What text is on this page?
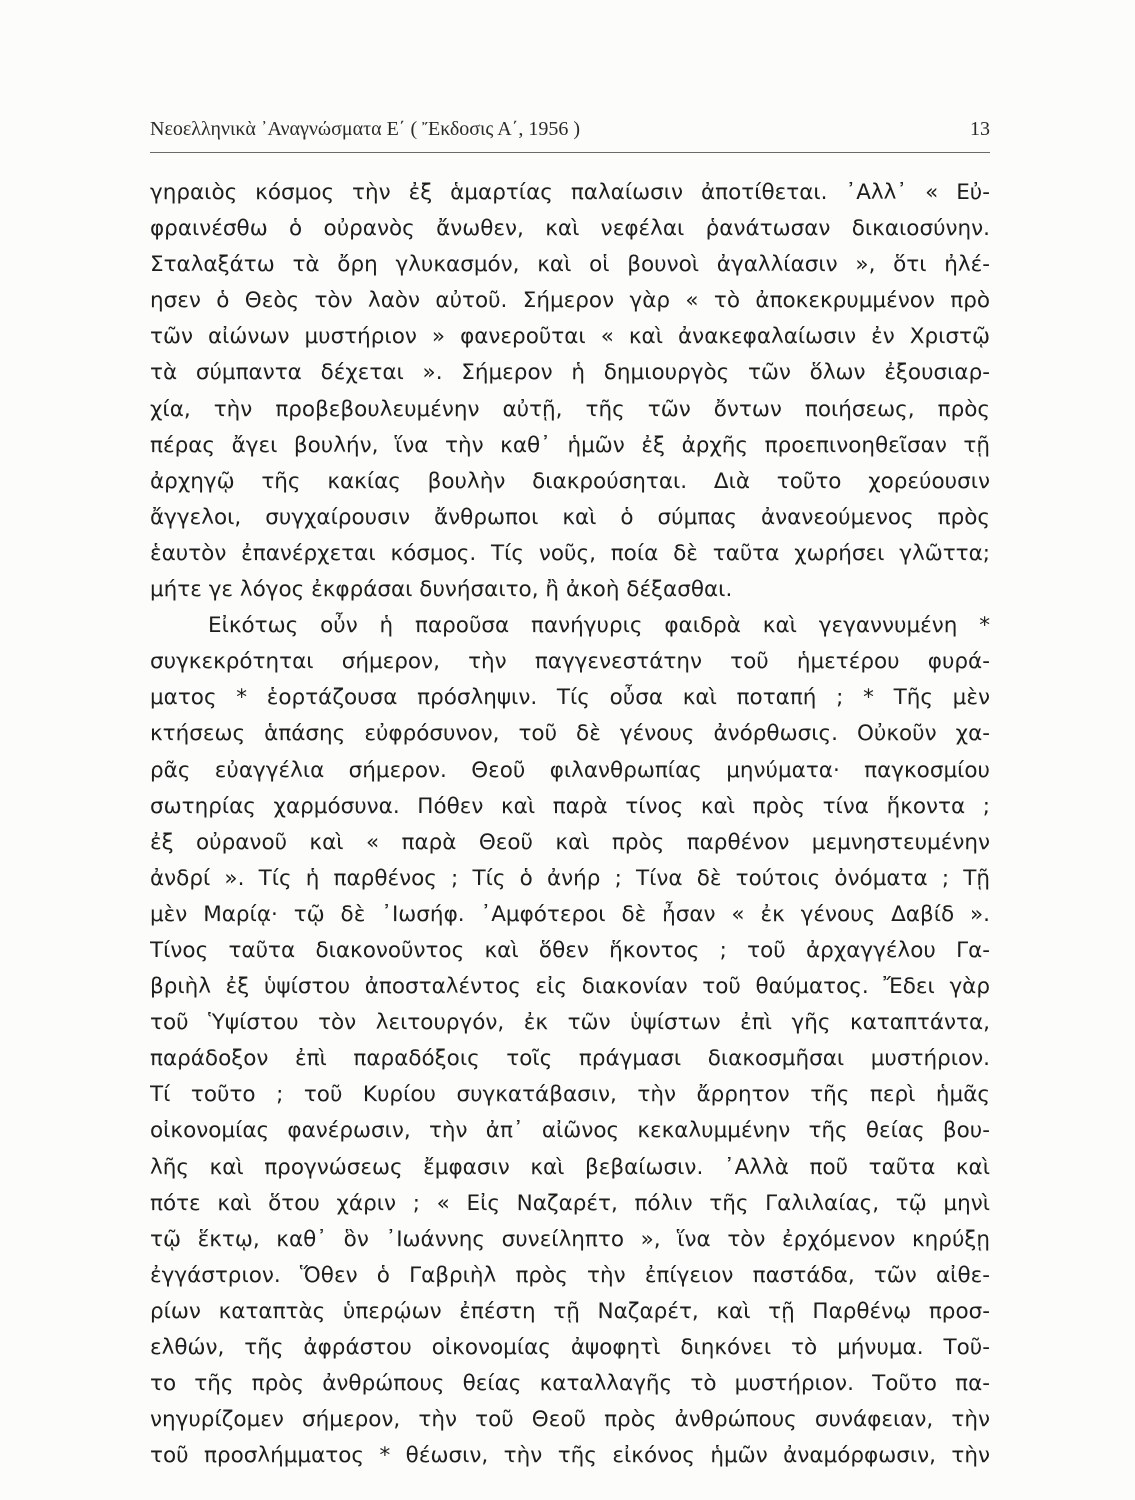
Νεοελληνικὰ ᾿Αναγνώσματα Ε΄ ( Ἔκδοσις Α΄, 1956 )	13
γηραιὸς κόσμος τὴν ἐξ ἁμαρτίας παλαίωσιν ἀποτίθεται. ᾿Αλλ᾿ « Εὐ-
φραινέσθω ὁ οὐρανὸς ἄνωθεν, καὶ νεφέλαι ῥανάτωσαν δικαιοσύνην.
Σταλαξάτω τὰ ὄρη γλυκασμόν, καὶ οἱ βουνοὶ ἀγαλλίασιν », ὅτι ἠλέ-
ησεν ὁ Θεὸς τὸν λαὸν αὐτοῦ. Σήμερον γὰρ « τὸ ἀποκεκρυμμένον πρὸ
τῶν αἰώνων μυστήριον » φανεροῦται « καὶ ἀνακεφαλαίωσιν ἐν Χριστῷ
τὰ σύμπαντα δέχεται ». Σήμερον ἡ δημιουργὸς τῶν ὅλων ἐξουσιαρ-
χία, τὴν προβεβουλευμένην αὐτῇ, τῆς τῶν ὄντων ποιήσεως, πρὸς
πέρας ἄγει βουλήν, ἵνα τὴν καθ᾿ ἡμῶν ἐξ ἀρχῆς προεπινοηθεῖσαν τῇ
ἀρχηγῷ τῆς κακίας βουλὴν διακρούσηται. Διὰ τοῦτο χορεύουσιν
ἄγγελοι, συγχαίρουσιν ἄνθρωποι καὶ ὁ σύμπας ἀνανεούμενος πρὸς
ἑαυτὸν ἐπανέρχεται κόσμος. Τίς νοῦς, ποία δὲ ταῦτα χωρήσει γλῶττα;
μήτε γε λόγος ἐκφράσαι δυνήσαιτο, ἢ ἀκοὴ δέξασθαι.
Εἰκότως οὖν ἡ παροῦσα πανήγυρις φαιδρὰ καὶ γεγαννυμένη *
συγκεκρότηται σήμερον, τὴν παγγενεστάτην τοῦ ἡμετέρου φυρά-
ματος * ἑορτάζουσα πρόσληψιν. Τίς οὖσα καὶ ποταπή ; * Τῆς μὲν
κτήσεως ἁπάσης εὐφρόσυνον, τοῦ δὲ γένους ἀνόρθωσις. Οὐκοῦν χα-
ρᾶς εὐαγγέλια σήμερον. Θεοῦ φιλανθρωπίας μηνύματα· παγκοσμίου
σωτηρίας χαρμόσυνα. Πόθεν καὶ παρὰ τίνος καὶ πρὸς τίνα ἥκοντα ;
ἐξ οὐρανοῦ καὶ « παρὰ Θεοῦ καὶ πρὸς παρθένον μεμνηστευμένην
ἀνδρί ». Τίς ἡ παρθένος ; Τίς ὁ ἀνήρ ; Τίνα δὲ τούτοις ὀνόματα ; Τῇ
μὲν Μαρίᾳ· τῷ δὲ ᾿Ιωσήφ. ᾿Αμφότεροι δὲ ἦσαν « ἐκ γένους Δαβίδ ».
Τίνος ταῦτα διακονοῦντος καὶ ὅθεν ἥκοντος ; τοῦ ἀρχαγγέλου Γα-
βριὴλ ἐξ ὑψίστου ἀποσταλέντος εἰς διακονίαν τοῦ θαύματος. Ἔδει γὰρ
τοῦ Ὑψίστου τὸν λειτουργόν, ἐκ τῶν ὑψίστων ἐπὶ γῆς καταπτάντα,
παράδοξον ἐπὶ παραδόξοις τοῖς πράγμασι διακοσμῆσαι μυστήριον.
Τί τοῦτο ; τοῦ Κυρίου συγκατάβασιν, τὴν ἄρρητον τῆς περὶ ἡμᾶς
οἰκονομίας φανέρωσιν, τὴν ἀπ᾿ αἰῶνος κεκαλυμμένην τῆς θείας βου-
λῆς καὶ προγνώσεως ἔμφασιν καὶ βεβαίωσιν. ᾿Αλλὰ ποῦ ταῦτα καὶ
πότε καὶ ὅτου χάριν ; « Εἰς Ναζαρέτ, πόλιν τῆς Γαλιλαίας, τῷ μηνὶ
τῷ ἕκτῳ, καθ᾿ ὃν ᾿Ιωάννης συνείληπτο », ἵνα τὸν ἐρχόμενον κηρύξῃ
ἐγγάστριον. Ὅθεν ὁ Γαβριὴλ πρὸς τὴν ἐπίγειον παστάδα, τῶν αἰθε-
ρίων καταπτὰς ὑπερῴων ἐπέστη τῇ Ναζαρέτ, καὶ τῇ Παρθένῳ προσ-
ελθών, τῆς ἀφράστου οἰκονομίας ἀψοφητὶ διηκόνει τὸ μήνυμα. Τοῦ-
το τῆς πρὸς ἀνθρώπους θείας καταλλαγῆς τὸ μυστήριον. Τοῦτο πα-
νηγυρίζομεν σήμερον, τὴν τοῦ Θεοῦ πρὸς ἀνθρώπους συνάφειαν, τὴν
τοῦ προσλήμματος * θέωσιν, τὴν τῆς εἰκόνος ἡμῶν ἀναμόρφωσιν, τὴν
